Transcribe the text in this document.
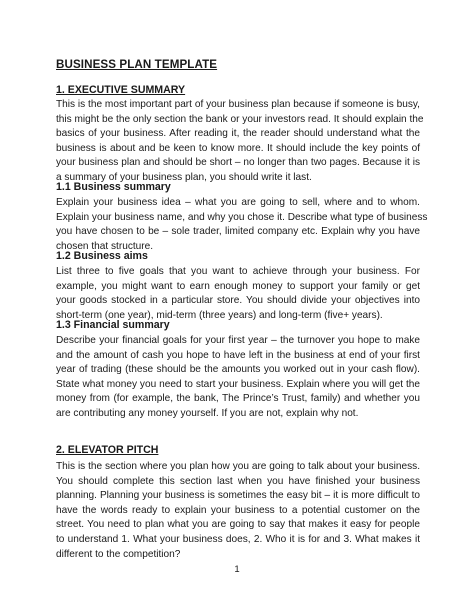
BUSINESS PLAN TEMPLATE
1. EXECUTIVE SUMMARY
This is the most important part of your business plan because if someone is busy,
this might be the only section the bank or your investors read. It should explain the
basics of your business. After reading it, the reader should understand what the
business is about and be keen to know more. It should include the key points of
your business plan and should be short – no longer than two pages. Because it is
a summary of your business plan, you should write it last.
1.1 Business summary
Explain your business idea – what you are going to sell, where and to whom.
Explain your business name, and why you chose it. Describe what type of business
you have chosen to be – sole trader, limited company etc. Explain why you have
chosen that structure.
1.2 Business aims
List three to five goals that you want to achieve through your business. For
example, you might want to earn enough money to support your family or get
your goods stocked in a particular store. You should divide your objectives into
short-term (one year), mid-term (three years) and long-term (five+ years).
1.3 Financial summary
Describe your financial goals for your first year – the turnover you hope to make
and the amount of cash you hope to have left in the business at end of your first
year of trading (these should be the amounts you worked out in your cash flow).
State what money you need to start your business. Explain where you will get the
money from (for example, the bank, The Prince’s Trust, family) and whether you
are contributing any money yourself. If you are not, explain why not.
2. ELEVATOR PITCH
This is the section where you plan how you are going to talk about your business.
You should complete this section last when you have finished your business
planning. Planning your business is sometimes the easy bit – it is more difficult to
have the words ready to explain your business to a potential customer on the
street. You need to plan what you are going to say that makes it easy for people
to understand 1. What your business does, 2. Who it is for and 3. What makes it
different to the competition?
1
